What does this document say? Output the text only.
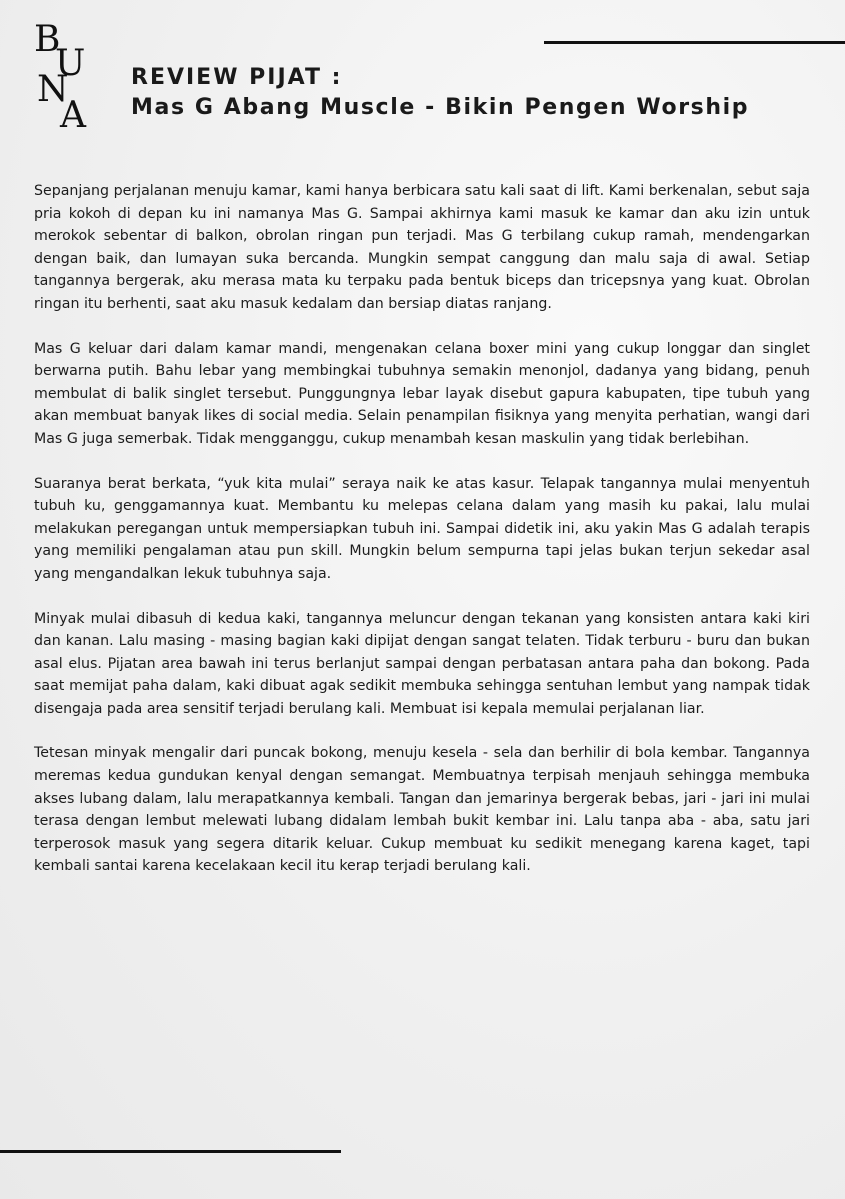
B
U
N
A

REVIEW PIJAT :

Mas G Abang Muscle - Bikin Pengen Worship

Sepanjang perjalanan menuju kamar, kami hanya berbicara satu kali saat di lift. Kami berkenalan, sebut saja pria kokoh di depan ku ini namanya Mas G. Sampai akhirnya kami masuk ke kamar dan aku izin untuk merokok sebentar di balkon, obrolan ringan pun terjadi. Mas G terbilang cukup ramah, mendengarkan dengan baik, dan lumayan suka bercanda. Mungkin sempat canggung dan malu saja di awal. Setiap tangannya bergerak, aku merasa mata ku terpaku pada bentuk biceps dan tricepsnya yang kuat. Obrolan ringan itu berhenti, saat aku masuk kedalam dan bersiap diatas ranjang.

Mas G keluar dari dalam kamar mandi, mengenakan celana boxer mini yang cukup longgar dan singlet berwarna putih. Bahu lebar yang membingkai tubuhnya semakin menonjol, dadanya yang bidang, penuh membulat di balik singlet tersebut. Punggungnya lebar layak disebut gapura kabupaten, tipe tubuh yang akan membuat banyak likes di social media. Selain penampilan fisiknya yang menyita perhatian, wangi dari Mas G juga semerbak. Tidak mengganggu, cukup menambah kesan maskulin yang tidak berlebihan.

Suaranya berat berkata, “yuk kita mulai” seraya naik ke atas kasur. Telapak tangannya mulai menyentuh tubuh ku, genggamannya kuat. Membantu ku melepas celana dalam yang masih ku pakai, lalu mulai melakukan peregangan untuk mempersiapkan tubuh ini. Sampai didetik ini, aku yakin Mas G adalah terapis yang memiliki pengalaman atau pun skill. Mungkin belum sempurna tapi jelas bukan terjun sekedar asal yang mengandalkan lekuk tubuhnya saja.

Minyak mulai dibasuh di kedua kaki, tangannya meluncur dengan tekanan yang konsisten antara kaki kiri dan kanan. Lalu masing - masing bagian kaki dipijat dengan sangat telaten. Tidak terburu - buru dan bukan asal elus. Pijatan area bawah ini terus berlanjut sampai dengan perbatasan antara paha dan bokong. Pada saat memijat paha dalam, kaki dibuat agak sedikit membuka sehingga sentuhan lembut yang nampak tidak disengaja pada area sensitif terjadi berulang kali. Membuat isi kepala memulai perjalanan liar.

Tetesan minyak mengalir dari puncak bokong, menuju kesela - sela dan berhilir di bola kembar. Tangannya meremas kedua gundukan kenyal dengan semangat. Membuatnya terpisah menjauh sehingga membuka akses lubang dalam, lalu merapatkannya kembali. Tangan dan jemarinya bergerak bebas, jari - jari ini mulai terasa dengan lembut melewati lubang didalam lembah bukit kembar ini. Lalu tanpa aba - aba, satu jari terperosok masuk yang segera ditarik keluar. Cukup membuat ku sedikit menegang karena kaget, tapi kembali santai karena kecelakaan kecil itu kerap terjadi berulang kali.
